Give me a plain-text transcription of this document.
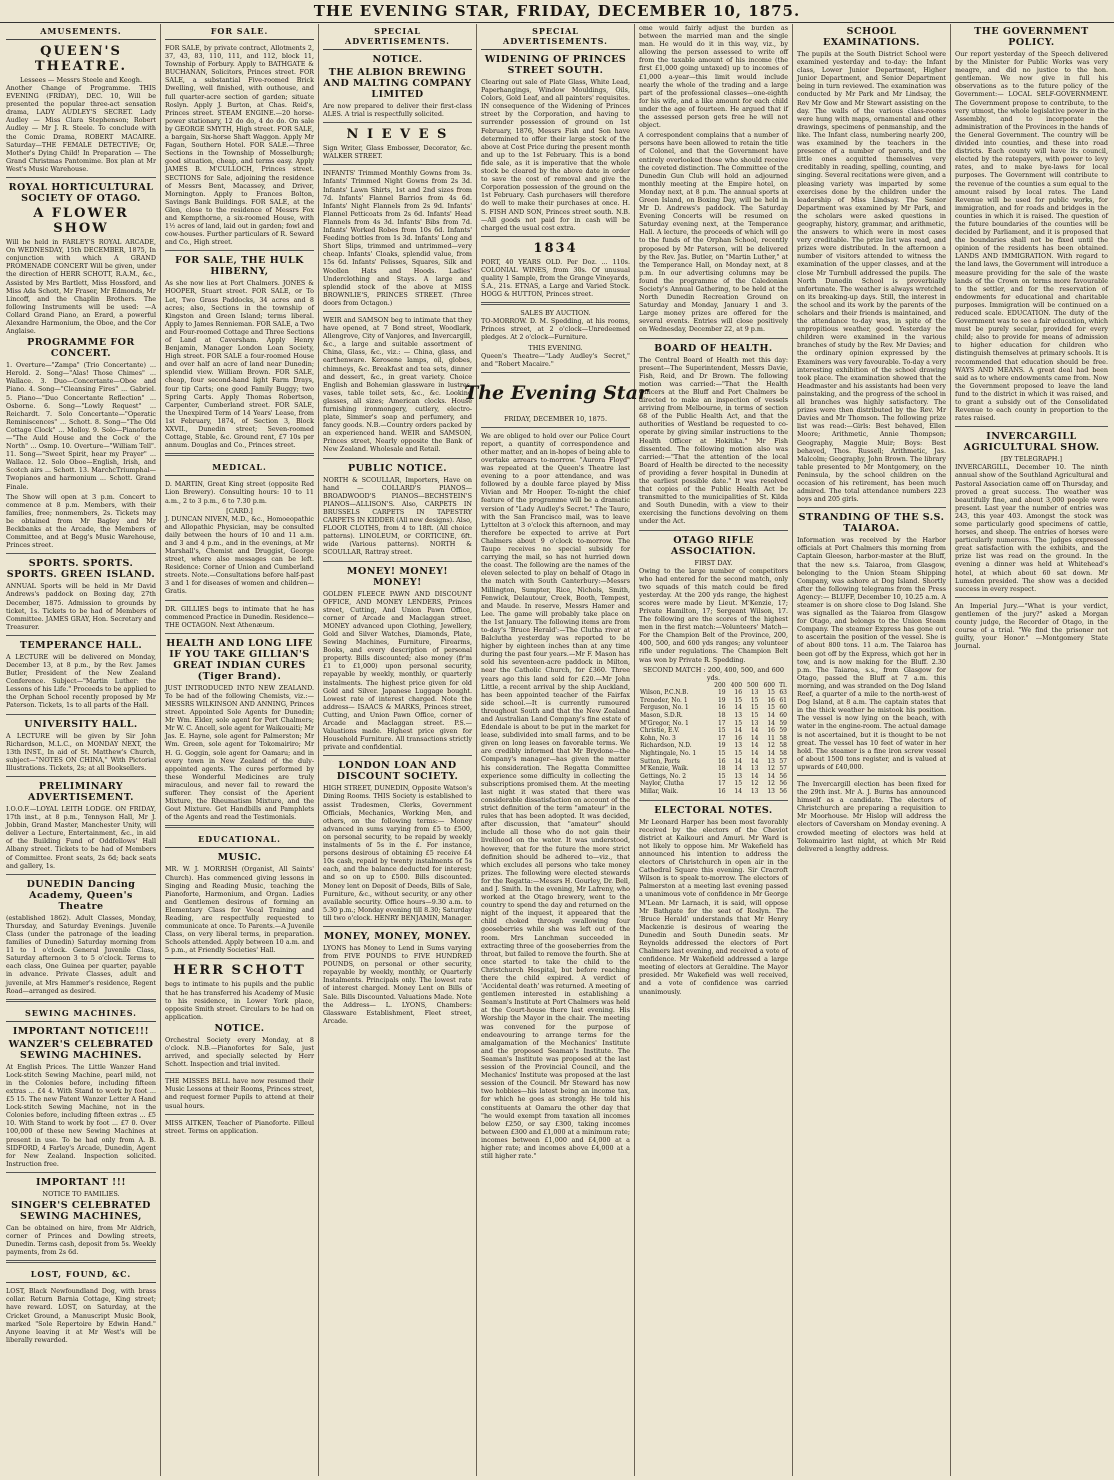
THE EVENING STAR, FRIDAY, DECEMBER 10, 1875.
AMUSEMENTS.
QUEEN'S THEATRE.
Lessees — Messrs Steele and Keogh.

Another Change of Programme. THIS EVENING (FRIDAY), DEC. 10, Will be presented the popular three-act sensation drama, LADY AUDLEY'S SECRET. Lady Audley — Miss Clara Stephenson; Robert Audley — Mr J. R. Steele. To conclude with the Comic Drama, ROBERT MACAIRE. Saturday—THE FEMALE DETECTIVE; Or, Mother's Dying Child! In Preparation — The Grand Christmas Pantomime. Box plan at Mr West's Music Warehouse.

ROYAL HORTICULTURAL SOCIETY OF OTAGO.
A FLOWER SHOW

Will be held in FARLEY'S ROYAL ARCADE, On WEDNESDAY, 15th DECEMBER, 1875, In conjunction with which A GRAND PROMENADE CONCERT Will be given, under the direction of HERR SCHOTT, R.A.M., &c., Assisted by Mrs Bartlett, Miss Hossford, and Miss Ada Schott, Mr Fraser, Mr Edmonds, Mr Lincoff, and the Chaplin Brothers. The following Instruments will be used: —A Collard Grand Piano, an Erard, a powerful Alexandre Harmonium, the Oboe, and the Cor Anglaise.

PROGRAMME FOR CONCERT.

1. Overture—"Zampa" (Trio Concertante) ... Herold. 2. Song—"Alas! Those Chimes" ... Wallace. 3. Duo—Concertante—Oboe and Piano. 4. Song—"Cleansing Fires" ... Gabriel. 5. Piano—"Duo Concertante Reflection" ... Osborne. 6. Song—"Lowly Request" ... Reichardt. 7. Solo Concertante—"Operatic Reminiscences" ... Schott. 8. Song—"The Old Cottage Clock" ... Molloy. 9. Solo—Pianoforte—"The Auld House and the Cock o' the North" ... Osmp. 10. Overture—"William Tell". 11. Song—"Sweet Spirit, hear my Prayer" ... Wallace. 12. Solo Oboe—English, Irish, and Scotch airs ... Schott. 13. MarchcTriumphal—Twopianos and harmonium ... Schott. Grand Finale.

The Show will open at 3 p.m. Concert to commence at 8 p.m. Members, with their families, free; nonmembers, 2s. Tickets may be obtained from Mr Bagley and Mr Beckbanks at the Arcade, the Members of Committee, and at Begg's Music Warehouse, Princes street.

SPORTS. SPORTS. SPORTS. GREEN ISLAND.

ANNUAL Sports will be held in Mr David Andrews's paddock on Boxing day, 27th December, 1875. Admission to grounds by ticket, 1s. Tickets to be had of Members of Committee. JAMES GRAY, Hon. Secretary and Treasurer.

TEMPERANCE HALL.

A LECTURE will be delivered on Monday, December 13, at 8 p.m., by the Rev. James Butler, President of the New Zealand Conference. Subject—"Martin Luther: the Lessons of his Life." Proceeds to be applied to the Orphan School recently proposed by Mr Paterson. Tickets, 1s to all parts of the Hall.

UNIVERSITY HALL.

A LECTURE will be given by Sir John Richardson, M.L.C., on MONDAY NEXT, the 13th INST., In aid of St. Matthew's Church, subject—"NOTES ON CHINA," With Pictorial Illustrations. Tickets, 2s; at all Booksellers.

PRELIMINARY ADVERTISEMENT.

I.O.O.F.—LOYAL LEITH LODGE. ON FRIDAY, 17th inst., at 8 p.m., Tennyson Hall, Mr J. Jobbin, Grand Master, Manchester Unity, will deliver a Lecture, Entertainment, &c., in aid of the Building Fund of Oddfellows' Hall Albany street. Tickets to be had of Members of Committee. Front seats, 2s 6d; back seats and gallery, 1s.

DUNEDIN Dancing Academy, Queen's Theatre

(established 1862). Adult Classes, Monday, Thursday, and Saturday Evenings. Juvenile Class (under the patronage of the leading families of Dunedin) Saturday morning from 11 to 1 o'clock. General Juvenile Class, Saturday afternoon 3 to 5 o'clock. Terms to each class, One Guinea per quarter, payable in advance. Private Classes, adult and juvenile, at Mrs Hammer's residence, Regent Road—arranged as desired.

SEWING MACHINES.
IMPORTANT NOTICE!!!
WANZER'S CELEBRATED SEWING MACHINES.

At English Prices. The Little Wanzer Hand Lock-stitch Sewing Machine, pearl mild, not in the Colonies before, including fifteen extras ... £4 4. With Stand to work by foot ... £5 15. The new Patent Wanzer Letter A Hand Lock-stitch Sewing Machine, not in the Colonies before, including fifteen extras ... £5 10. With Stand to work by foot ... £7 0. Over 100,000 of these new Sewing Machines at present in use. To be had only from A. B. SIDFORD, 4 Farley's Arcade, Dunedin, Agent for New Zealand. Inspection solicited. Instruction free.

IMPORTANT !!!
NOTICE TO FAMILIES.
SINGER'S CELEBRATED SEWING MACHINES,

Can be obtained on hire, from Mr Aldrich, corner of Princes and Dowling streets, Dunedin. Terms cash, deposit from 5s. Weekly payments, from 2s 6d.

LOST, FOUND, &C.

LOST, Black Newfoundland Dog, with brass collar. Return Barnia Cottage, King street; have reward. LOST, on Saturday, at the Cricket Ground, a Manuscript Music Book, marked "Sole Repertoire by Edwin Hand." Anyone leaving it at Mr West's will be liberally rewarded.

FOR SALE.

FOR SALE, by private contract, Allotments 2, 37, 43, 83, 110, 111, and 112, block 11, Township of Forbury. Apply to BATHGATE & BUCHANAN, Solicitors, Princes street. FOR SALE, a substantial Five-roomed Brick Dwelling, well finished, with outhouse, and full quarter-acre section of garden; situate Roslyn. Apply J. Burton, at Chas. Reid's, Princes street. STEAM ENGINE.—20 horse-power stationary, 12 do do, 4 do do. On sale by GEORGE SMYTH, High street. FOR SALE, a bargain, Six-horse Shaft Waggon. Apply Mr Fagan, Southern Hotel. FOR SALE.—Three Sections in the Township of Mosselburgh; good situation, cheap, and terms easy. Apply JAMES B. M'CULLOCH, Princes street. SECTIONS for Sale, adjoining the residence of Messrs Bent, Macassey, and Driver, Mornington. Apply to Frances Bolton, Savings Bank Buildings. FOR SALE, at the Glen, close to the residence of Messrs Fox and Kempthorne, a six-roomed House, with 1½ acres of land, laid out in garden; fowl and cow-houses. Further particulars of R. Seward and Co., High street.

FOR SALE, THE HULK HIBERNY,

As she now lies at Port Chalmers. JONES & HOOPER, Stuart street. FOR SALE, or To Let, Two Grass Paddocks, 34 acres and 8 acres; also, Sections in the township of Kingston and Green Island; terms liberal. Apply to James Rennieman. FOR SALE, a Two and Four-roomed Cottage and Three Sections of Land at Caversham. Apply Henry Benjamin, Manager London Loan Society, High street. FOR SALE a four-roomed House and over half an acre of land near Dunedin; splendid view. William Brown. FOR SALE, cheap, four second-hand light Farm Drays, four tip Carts; one good Family Buggy; two Spring Carts. Apply Thomas Robertson, Carpenter, Cumberland street. FOR SALE, the Unexpired Term of 14 Years' Lease, from 1st February, 1874, of Section 3, Block XXVII., Dunedin street; Seven-roomed Cottage, Stable, &c. Ground rent, £7 10s per annum. Douglas and Co., Princes street.

MEDICAL.

D. MARTIN, Great King street (opposite Red Lion Brewery). Consulting hours: 10 to 11 a.m., 2 to 3 p.m., 6 to 7.30 p.m.

[CARD.]

J. DUNCAN NIVEN, M.D., &c., Homoeopathic and Allopathic Physician, may be consulted daily between the hours of 10 and 11 a.m. and 3 and 4 p.m., and in the evenings, at Mr Marshall's, Chemist and Druggist, George street, where also messages can be left. Residence: Corner of Union and Cumberland streets. Note.—Consultations before half-past 3 and 1 for diseases of women and children—Gratis.

DR. GILLIES begs to intimate that he has commenced Practice in Dunedin. Residence—THE OCTAGON. Next Athenæum.

HEALTH AND LONG LIFE IF YOU TAKE GILLIAN'S GREAT INDIAN CURES (Tiger Brand).

JUST INTRODUCED INTO NEW ZEALAND. To be had of the following Chemists, viz.:— MESSRS WILKINSON AND ANNING, Princes street. Appointed Sole Agents for Dunedin; Mr Wm. Elder, sole agent for Port Chalmers; Mr W. C. Ancell, sole agent for Waikouaiti; Mr Jas. E. Hayne, sole agent for Palmerston; Mr Wm. Green, sole agent for Tokomairiro; Mr H. G. Goggin, sole agent for Oamaru; and in every town in New Zealand of the duly-appointed agents. The cures performed by these Wonderful Medicines are truly miraculous, and never fail to reward the sufferer. They consist of the Aperient Mixture, the Rheumatism Mixture, and the Gout Mixture. Get Handbills and Pamphlets of the Agents and read the Testimonials.

EDUCATIONAL.
MUSIC.

MR. W. J. MORRISH (Organist, All Saints' Church). Has commenced giving lessons in Singing and Reading Music, teaching the Pianoforte, Harmonium, and Organ. Ladies and Gentlemen desirous of forming an Elementary Class for Vocal Training and Reading, are respectfully requested to communicate at once. To Parents.—A Juvenile Class, on very liberal terms, in preparation. Schools attended. Apply between 10 a.m. and 5 p.m., at Friendly Societies' Hall.

HERR SCHOTT

begs to intimate to his pupils and the public that he has transferred his Academy of Music to his residence, in Lower York place, opposite Smith street. Circulars to be had on application.

NOTICE.

Orchestral Society every Monday, at 8 o'clock. N.B.—Pianofortes for Sale, just arrived, and specially selected by Herr Schott. Inspection and trial invited.

THE MISSES BELL have now resumed their Music Lessons at their Rooms, Princes street, and request former Pupils to attend at their usual hours.

MISS AITKEN, Teacher of Pianoforte. Filleul street. Terms on application.

SPECIAL ADVERTISEMENTS.
NOTICE.
THE ALBION BREWING AND MALTING COMPANY LIMITED

Are now prepared to deliver their first-class ALES. A trial is respectfully solicited.

N I E V E S

Sign Writer, Glass Embosser, Decorator, &c. WALKER STREET.

INFANTS' Trimmed Monthly Gowns from 3s. Infants' Trimmed Night Gowns from 2s 3d. Infants' Lawn Shirts, 1st and 2nd sizes from 7d. Infants' Flannel Barrios from 4s 6d. Infants' Night Flannels from 2s 9d. Infants' Flannel Petticoats from 2s 6d. Infants' Head Flannels from 4s 3d. Infants' Bibs from 7d. Infants' Worked Robes from 10s 6d. Infants' Feeding bottles from 1s 3d. Infants' Long and Short Slips, trimmed and untrimmed—very cheap. Infants' Cloaks, splendid value, from 15s 6d. Infants' Pelisses, Squares, Silk and Woollen Hats and Hoods. Ladies' Underclothing and Stays. A large and splendid stock of the above at MISS BROWNLIE'S, PRINCES STREET. (Three doors from Octagon.)

WEIR and SAMSON beg to intimate that they have opened, at 7 Bond street, Woodlark, Allengrove, City of Vanjores, and Invercargill, &c., a large and suitable assortment of China, Glass, &c., viz.: — China, glass, and earthenware. Kerosene lamps, oil, globes, chimneys, &c. Breakfast and tea sets, dinner and dessert, &c., in great variety. Choice English and Bohemian glassware in lustres, vases, table toilet sets, &c., &c. Looking glasses, all sizes; American clocks. House furnishing ironmongery, cutlery, electro-plate, Simmer's soap and perfumery, and fancy goods. N.B.—Country orders packed by an experienced hand. WEIR and SAMSON, Princes street, Nearly opposite the Bank of New Zealand. Wholesale and Retail.

PUBLIC NOTICE.

NORTH & SCOULLAR, Importers, Have on hand — COLLARD'S PIANOS—BROADWOOD'S PIANOS—BECHSTEIN'S PIANOS—ALLISON'S. Also, CARPETS IN BRUSSELS CARPETS IN TAPESTRY CARPETS IN KIDDER (All new designs). Also, FLOOR CLOTHS, from 4 to 18ft. (All choice patterns). LINOLEUM, or CORTICINE, 6ft. wide (Various patterns). NORTH & SCOULLAR, Rattray street.

MONEY! MONEY! MONEY!

GOLDEN FLEECE PAWN AND DISCOUNT OFFICE, AND MONEY LENDERS, Princes street, Cutting, And Union Pawn Office, corner of Arcade and Maclaggan street. MONEY advanced upon Clothing, Jewellery, Gold and Silver Watches, Diamonds, Plate, Sewing Machines, Furniture, Firearms, Books, and every description of personal property. Bills discounted; also money (fr'm £1 to £1,000) upon personal security, repayable by weekly, monthly, or quarterly instalments. The highest price given for old Gold and Silver. Japanese Luggage bought. Lowest rate of interest charged. Note the address— ISAACS & MARKS, Princes street, Cutting, and Union Pawn Office, corner of Arcade and Maclaggan street. P.S.—Valuations made. Highest price given for Household Furniture. All transactions strictly private and confidential.

LONDON LOAN AND DISCOUNT SOCIETY.

HIGH STREET, DUNEDIN, Opposite Watson's Dining Rooms. THIS Society is established to assist Tradesmen, Clerks, Government Officials, Mechanics, Working Men, and others, on the following terms:— Money advanced in sums varying from £5 to £500, on personal security, to be repaid by weekly instalments of 5s in the £. For instance, persons desirous of obtaining £5 receive £4 10s cash, repaid by twenty instalments of 5s each, and the balance deducted for interest; and so on up to £500. Bills discounted. Money lent on Deposit of Deeds, Bills of Sale, Furniture, &c., without security, or any other available security. Office hours—9.30 a.m. to 5.30 p.m.; Monday evening till 8.30; Saturday till two o'clock. HENRY BENJAMIN, Manager.

MONEY, MONEY, MONEY.

LYONS has Money to Lend in Sums varying from FIVE POUNDS to FIVE HUNDRED POUNDS, on personal or other security, repayable by weekly, monthly, or Quarterly Instalments. Principals only. The lowest rate of interest charged. Money Lent on Bills of Sale. Bills Discounted. Valuations Made. Note the Address— L. LYONS, Chambers: Glassware Establishment, Fleet street, Arcade.

SPECIAL ADVERTISEMENTS.
WIDENING OF PRINCES STREET SOUTH.

Clearing out sale of Plate Glass, White Lead, Paperhangings, Window Mouldings, Oils, Colors, Gold Leaf, and all painters' requisites. IN consequence of the Widening of Princes street by the Corporation, and having to surrender possession of ground on 1st February, 1876, Messrs Fish and Son have determined to offer their large stock of the above at Cost Price during the present month and up to the 1st February. This is a bond fide sale, as it is imperative that the whole stock be cleared by the above date in order to save the cost of removal and give the Corporation possession of the ground on the 1st February. Cash purchasers will therefore do well to make their purchases at once. H. S. FISH AND SON, Princes street south. N.B.—All goods not paid for in cash will be charged the usual cost extra.

1834

PORT, 40 YEARS OLD. Per Doz. ... 110s. COLONIAL WINES, from 30s. Of unusual quality 1 Sample, from the Grange Vineyards, S.A., 21s. ETNAS, a Large and Varied Stock. HOGG & HUTTON, Princes street.

SALES BY AUCTION.

TO-MORROW. D. M. Spedding, at his rooms, Princes street, at 2 o'clock—Unredeemed pledges. At 2 o'clock—Furniture.

THIS EVENING.

Queen's Theatre—"Lady Audley's Secret," and "Robert Macaire."

The Evening Star
FRIDAY, DECEMBER 10, 1875.

We are obliged to hold over our Police Court report, a quantity of correspondence and other matter, and an in-hopes of being able to overtake arrears to-morrow. "Aurora Floyd" was repeated at the Queen's Theatre last evening to a poor attendance, and was followed by a double farce played by Miss Vivian and Mr Hooper. To-night the chief feature of the programme will be a dramatic version of "Lady Audley's Secret." The Tauro, with the San Francisco mail, was to leave Lyttelton at 3 o'clock this afternoon, and may therefore be expected to arrive at Port Chalmers about 9 o'clock to-morrow. The Taupo receives no special subsidy for carrying the mail, so has not hurried down the coast. The following are the names of the eleven selected to play on behalf of Otago in the match with South Canterbury:—Messrs Millington, Sumpter, Rice, Nichols, Smith, Fenwick, Delautour, Creek, Booth, Tempest, and Maude. In reserve, Messrs Hamer and Lee. The game will probably take place on the 1st January. The following items are from to-day's 'Bruce Herald':—The Clutha river at Balclutha yesterday was reported to be higher by eighteen inches than at any time during the past four years.—Mr F. Mason has sold his seventeen-acre paddock in Milton, near the Catholic Church, for £360. Three years ago this land sold for £20.—Mr John Little, a recent arrival by the ship Auckland, has been appointed teacher of the Fairfax side school.—It is currently rumoured throughout South and that the New Zealand and Australian Land Company's fine estate of Edendale is about to be put in the market for lease, subdivided into small farms, and to be given on long leases on favorable terms. We are credibly informed that Mr Brydone—the Company's manager—has given the matter his consideration. The Regatta Committee experience some difficulty in collecting the subscriptions promised them. At the meeting last night it was stated that there was considerable dissatisfaction on account of the strict definition of the term "amateur" in the rules that has been adopted. It was decided, after discussion, that "amateur" should include all those who do not gain their livelihood on the water. It was understood, however, that for the future the more strict definition should be adhered to—viz., that which excludes all persons who take money prizes. The following were elected stewards for the Regatta:—Messrs H. Gourley, Dr. Bell, and J. Smith. In the evening, Mr Lafreny, who worked at the Otago brewery, went to the country to spend the day and returned on the night of the inquest, it appeared that the child choked through swallowing four gooseberries while she was left out of the room. Mrs Lanchman succeeded in extracting three of the gooseberries from the throat, but failed to remove the fourth. She at once started to take the child to the Christchurch Hospital, but before reaching there the child expired. A verdict of 'Accidental death' was returned. A meeting of gentlemen interested in establishing a Seaman's Institute at Port Chalmers was held at the Court-house there last evening. His Worship the Mayor in the chair. The meeting was convened for the purpose of endeavouring to arrange terms for the amalgamation of the Mechanics' Institute and the proposed Seaman's Institute. The Seaman's Institute was proposed at the last session of the Provincial Council, and the Mechanics' Institute was proposed at the last session of the Council. Mr Steward has now two hobbies—his latest being an income tax, for which he goes as strongly. He told his constituents at Oamaru the other day that "he would exempt from taxation all incomes below £250, or say £300, taking incomes between £300 and £1,000 at a minimum rate; incomes between £1,000 and £4,000 at a higher rate; and incomes above £4,000 at a still higher rate."

ome would fairly adjust the burden as between the married man and the single man. He would do it in this way, viz., by allowing the person assessed to write off from the taxable amount of his income (the first £1,000 going untaxed) up to incomes of £1,000 a-year—this limit would include nearly the whole of the trading and a large part of the professional classes—one-eighth for his wife, and a like amount for each child under the age of fourteen. He argued that if the assessed person gets free he will not object.

A correspondent complains that a number of persons have been allowed to retain the title of Colonel, and that the Government have entirely overlooked those who should receive the coveted distinction. The Committee of the Dunedin Gun Club will hold an adjourned monthly meeting at the Empire hotel, on Monday next, at 8 p.m. The annual sports at Green Island, on Boxing Day, will be held in Mr D. Andrews's paddock. The Saturday Evening Concerts will be resumed on Saturday evening next, at the Temperance Hall. A lecture, the proceeds of which will go to the funds of the Orphan School, recently proposed by Mr Paterson, will be delivered by the Rev. Jas. Butler, on "Martin Luther," at the Temperance Hall, on Monday next, at 8 p.m. In our advertising columns may be found the programme of the Caledonian Society's Annual Gathering, to be held at the North Dunedin Recreation Ground on Saturday and Monday, January 1 and 3. Large money prizes are offered for the several events. Entries will close positively on Wednesday, December 22, at 9 p.m.

BOARD OF HEALTH.

The Central Board of Health met this day: present—The Superintendent, Messrs Davie, Fish, Reid, and Dr Brown. The following motion was carried:—"That the Health Officers at the Bluff and Port Chalmers be directed to make an inspection of vessels arriving from Melbourne, in terms of section 68 of the Public Health Act, and that the authorities of Westland be requested to co-operate by giving similar instructions to the Health Officer at Hokitika." Mr Fish dissented. The following motion also was carried:—"That the attention of the local Board of Health be directed to the necessity of providing a fever hospital in Dunedin at the earliest possible date." It was resolved that copies of the Public Health Act be transmitted to the municipalities of St. Kilda and South Dunedin, with a view to their exercising the functions devolving on them under the Act.

OTAGO RIFLE ASSOCIATION.
FIRST DAY.

Owing to the large number of competitors who had entered for the second match, only two squads of this match could be fired yesterday. At the 200 yds range, the highest scores were made by Lieut. M'Kenzie, 17; Private Hamilton, 17; Sergeant Wilson, 17. The following are the scores of the highest men in the first match:—Volunteers' Match—For the Champion Belt of the Province, 200, 400, 500, and 600 yds ranges; any volunteer rifle under regulations. The Champion Belt was won by Private R. Spedding.

SECOND MATCH : 200, 400, 500, and 600 yds.
	200	400	500	600	Tl.
Wilson, P.C.N.B.	19	16	13	15	63
Treneder, No. 1	19	15	15	16	61
Ferguson, No. 1	16	14	15	15	60
Mason, S.D.R.	18	13	15	14	60
M'Gregor, No. 1	17	15	13	14	59
Christie, E.V.	15	14	14	16	59
Kohn, No. 3	17	16	14	11	58
Richardson, N.D.	19	13	14	12	58
Nightingale, No. 1	15	15	14	14	58
Sutton, Ports	16	14	14	13	57
M'Kenzie, Waik.	18	14	13	12	57
Gettings, No. 2	15	13	14	14	56
Naylor, Clutha	17	15	12	12	56
Millar, Waik.	16	14	13	13	56
ELECTORAL NOTES.

Mr Leonard Harper has been most favorably received by the electors of the Cheviot district at Kaikouri and Amuri. Mr Ward is not likely to oppose him. Mr Wakefield has announced his intention to address the electors of Christchurch in open air in the Cathedral Square this evening. Sir Cracroft Wilson is to speak to-morrow. The electors of Palmerston at a meeting last evening passed a unanimous vote of confidence in Mr George M'Lean. Mr Larnach, it is said, will oppose Mr Bathgate for the seat of Roslyn. The 'Bruce Herald' understands that Mr Henry Mackenzie is desirous of wearing the Dunedin and South Dunedin seats. Mr Reynolds addressed the electors of Port Chalmers last evening, and received a vote of confidence. Mr Wakefield addressed a large meeting of electors at Geraldine. The Mayor presided. Mr Wakefield was well received, and a vote of confidence was carried unanimously.

SCHOOL EXAMINATIONS.

The pupils at the South District School were examined yesterday and to-day: the Infant class, Lower Junior Department, Higher Junior Department, and Senior Department being in turn reviewed. The examination was conducted by Mr Park and Mr Lindsay, the Rev Mr Gow and Mr Stewart assisting on the day. The walls of the various class-rooms were hung with maps, ornamental and other drawings, specimens of penmanship, and the like. The Infant class, numbering nearly 200, was examined by the teachers in the presence of a number of parents, and the little ones acquitted themselves very creditably in reading, spelling, counting, and singing. Several recitations were given, and a pleasing variety was imparted by some exercises done by the children under the leadership of Miss Lindsay. The Senior Department was examined by Mr Park, and the scholars were asked questions in geography, history, grammar, and arithmetic, the answers to which were in most cases very creditable. The prize list was read, and prizes were distributed. In the afternoon a number of visitors attended to witness the examination of the upper classes, and at the close Mr Turnbull addressed the pupils. The North Dunedin School is proverbially unfortunate. The weather is always wretched on its breaking-up days. Still, the interest in the school and its work by the parents of the scholars and their friends is maintained, and the attendance to-day was, in spite of the unpropitious weather, good. Yesterday the children were examined in the various branches of study by the Rev. Mr Davies; and the ordinary opinion expressed by the Examiners was very favourable. To-day a very interesting exhibition of the school drawing took place. The examination showed that the Headmaster and his assistants had been very painstaking, and the progress of the school in all branches was highly satisfactory. The prizes were then distributed by the Rev. Mr Davies and Mr Thomson. The following prize list was read:—Girls: Best behaved, Ellen Moore; Arithmetic, Annie Thompson; Geography, Maggie Muir; Boys: Best behaved, Thos. Russell; Arithmetic, Jas. Malcolm; Geography, John Brown. The library table presented to Mr Montgomery, on the Peninsula, by the school children on the occasion of his retirement, has been much admired. The total attendance numbers 223 boys and 205 girls.

STRANDING OF THE S.S. TAIAROA.

Information was received by the Harbor officials at Port Chalmers this morning from Captain Gleeson, harbor-master at the Bluff, that the new s.s. Taiaroa, from Glasgow, belonging to the Union Steam Shipping Company, was ashore at Dog Island. Shortly after the following telegrams from the Press Agency:— BLUFF, December 10, 10.25 a.m. A steamer is on shore close to Dog Island. She was signalled as the Taiaroa from Glasgow for Otago, and belongs to the Union Steam Company. The steamer Express has gone out to ascertain the position of the vessel. She is of about 800 tons. 11 a.m. The Taiaroa has been got off by the Express, which got her in tow, and is now making for the Bluff. 2.30 p.m. The Taiaroa, s.s., from Glasgow for Otago, passed the Bluff at 7 a.m. this morning, and was stranded on the Dog Island Reef, a quarter of a mile to the north-west of Dog Island, at 8 a.m. The captain states that in the thick weather he mistook his position. The vessel is now lying on the beach, with water in the engine-room. The actual damage is not ascertained, but it is thought to be not great. The vessel has 10 feet of water in her hold. The steamer is a fine iron screw vessel of about 1500 tons register, and is valued at upwards of £40,000.

The Invercargill election has been fixed for the 29th inst. Mr A. J. Burns has announced himself as a candidate. The electors of Christchurch are preparing a requisition to Mr Moorhouse. Mr Hislop will address the electors of Caversham on Monday evening. A crowded meeting of electors was held at Tokomairiro last night, at which Mr Reid delivered a lengthy address.

THE GOVERNMENT POLICY.

Our report yesterday of the Speech delivered by the Minister for Public Works was very meagre, and did no justice to the hon. gentleman. We now give in full his observations as to the future policy of the Government:— LOCAL SELF-GOVERNMENT. The Government propose to contribute, to the very utmost, the whole legislative power in the Assembly, and to incorporate the administration of the Provinces in the hands of the General Government. The country will be divided into counties, and these into road districts. Each county will have its council, elected by the ratepayers, with power to levy rates, and to make bye-laws for local purposes. The Government will contribute to the revenue of the counties a sum equal to the amount raised by local rates. The Land Revenue will be used for public works, for immigration, and for roads and bridges in the counties in which it is raised. The question of the future boundaries of the counties will be decided by Parliament, and it is proposed that the boundaries shall not be fixed until the opinion of the residents has been obtained. LANDS AND IMMIGRATION. With regard to the land laws, the Government will introduce a measure providing for the sale of the waste lands of the Crown on terms more favourable to the settler, and for the reservation of endowments for educational and charitable purposes. Immigration will be continued on a reduced scale. EDUCATION. The duty of the Government was to see a fair education, which must be purely secular, provided for every child; also to provide for means of admission to higher education for children who distinguish themselves at primary schools. It is recommended that education should be free. WAYS AND MEANS. A great deal had been said as to where endowments came from. Now the Government proposed to leave the land fund to the district in which it was raised, and to grant a subsidy out of the Consolidated Revenue to each county in proportion to the rates raised.

INVERCARGILL AGRICULTURAL SHOW.
[BY TELEGRAPH.]

INVERCARGILL, December 10. The ninth annual show of the Southland Agricultural and Pastoral Association came off on Thursday, and proved a great success. The weather was beautifully fine, and about 3,000 people were present. Last year the number of entries was 243, this year 403. Amongst the stock was some particularly good specimens of cattle, horses, and sheep. The entries of horses were particularly numerous. The judges expressed great satisfaction with the exhibits, and the prize list was read on the ground. In the evening a dinner was held at Whitehead's hotel, at which about 60 sat down. Mr Lumsden presided. The show was a decided success in every respect.

An Imperial Jury.—"What is your verdict, gentlemen of the jury?" asked a Morgan county judge, the Recorder of Otago, in the course of a trial. "We find the prisoner not guilty, your Honor." —Montgomery State Journal.
